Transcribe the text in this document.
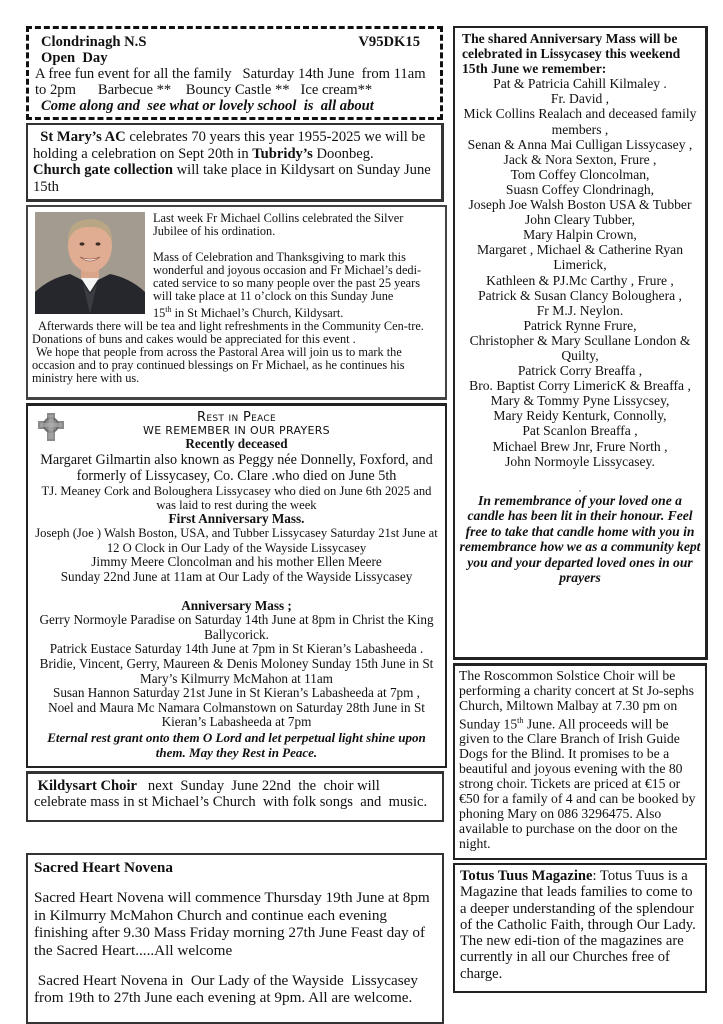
Clondrinagh N.S	V95DK15
Open  Day
A free fun event for all the family   Saturday 14th June  from 11am
to 2pm      Barbecue **    Bouncy Castle **   Ice cream**
Come along and  see what or lovely school  is  all about

St Mary’s AC celebrates 70 years this year 1955-2025 we will be holding a celebration on Sept 20th in Tubridy’s Doonbeg.

Church gate collection will take place in Kildysart on Sunday June 15th

Last week Fr Michael Collins celebrated the Silver Jubilee of his ordination.

Mass of Celebration and Thanksgiving to mark this wonderful and joyous occasion and Fr Michael’s dedi-cated service to so many people over the past 25 years will take place at 11 o’clock on this Sunday June
15th in St Michael’s Church, Kildysart.

Afterwards there will be tea and light refreshments in the Community Cen-tre. Donations of buns and cakes would be appreciated for this event .

We hope that people from across the Pastoral Area will join us to mark the occasion and to pray continued blessings on Fr Michael, as he continues his ministry here with us.

Rest in Peace
WE REMEMBER IN OUR PRAYERS
Recently deceased
Margaret Gilmartin also known as Peggy née Donnelly, Foxford, and formerly of Lissycasey, Co. Clare .who died on June 5th
TJ. Meaney Cork and Boloughera Lissycasey who died on June 6th 2025 and was laid to rest during the week
First Anniversary Mass.
Joseph (Joe ) Walsh Boston, USA, and Tubber Lissycasey Saturday 21st June at 12 O Clock in Our Lady of the Wayside Lissycasey
Jimmy Meere Cloncolman and his mother Ellen Meere
Sunday 22nd June at 11am at Our Lady of the Wayside Lissycasey
Anniversary Mass ;
Gerry Normoyle Paradise on Saturday 14th June at 8pm in Christ the King Ballycorick.
Patrick Eustace Saturday 14th June at 7pm in St Kieran’s Labasheeda .
Bridie, Vincent, Gerry, Maureen & Denis Moloney Sunday 15th June in St Mary’s Kilmurry McMahon at 11am
Susan Hannon Saturday 21st June in St Kieran’s Labasheeda at 7pm ,
Noel and Maura Mc Namara Colmanstown on Saturday 28th June in St Kieran’s Labasheeda at 7pm
Eternal rest grant onto them O Lord and let perpetual light shine upon them. May they Rest in Peace.

Kildysart Choir   next  Sunday  June 22nd  the  choir will celebrate mass in st Michael’s Church  with folk songs  and  music.

Sacred Heart Novena

Sacred Heart Novena will commence Thursday 19th June at 8pm in Kilmurry McMahon Church and continue each evening finishing after 9.30 Mass Friday morning 27th June Feast day of the Sacred Heart.....All welcome

Sacred Heart Novena in  Our Lady of the Wayside  Lissycasey from 19th to 27th June each evening at 9pm. All are welcome.

The shared Anniversary Mass will be celebrated in Lissycasey this weekend 15th June we remember:
Pat & Patricia Cahill Kilmaley .
Fr. David ,
Mick Collins Realach and deceased family members ,
Senan & Anna Mai Culligan Lissycasey ,
Jack & Nora Sexton, Frure ,
Tom Coffey Cloncolman,
Suasn Coffey Clondrinagh,
Joseph Joe Walsh Boston USA & Tubber
John Cleary Tubber,
Mary Halpin Crown,
Margaret , Michael & Catherine Ryan Limerick,
Kathleen & PJ.Mc Carthy , Frure ,
Patrick & Susan Clancy Boloughera ,
Fr M.J. Neylon.
Patrick Rynne Frure,
Christopher & Mary Scullane London & Quilty,
Patrick Corry Breaffa ,
Bro. Baptist Corry LimericK & Breaffa ,
Mary & Tommy Pyne Lissycsey,
Mary Reidy Kenturk, Connolly,
Pat Scanlon Breaffa ,
Michael Brew Jnr, Frure North ,
John Normoyle Lissycasey.
,
In remembrance of your loved one a candle has been lit in their honour. Feel free to take that candle home with you in remembrance how we as a community kept you and your departed loved ones in our prayers

The Roscommon Solstice Choir will be performing a charity concert at St Jo-sephs Church, Miltown Malbay at 7.30 pm on Sunday 15th June. All proceeds will be given to the Clare Branch of Irish Guide Dogs for the Blind. It promises to be a beautiful and joyous evening with the 80 strong choir. Tickets are priced at €15 or €50 for a family of 4 and can be booked by phoning Mary on 086 3296475. Also available to purchase on the door on the night.

Totus Tuus Magazine: Totus Tuus is a Magazine that leads families to come to a deeper understanding of the splendour of the Catholic Faith, through Our Lady. The new edi-tion of the magazines are currently in all our Churches free of charge.
